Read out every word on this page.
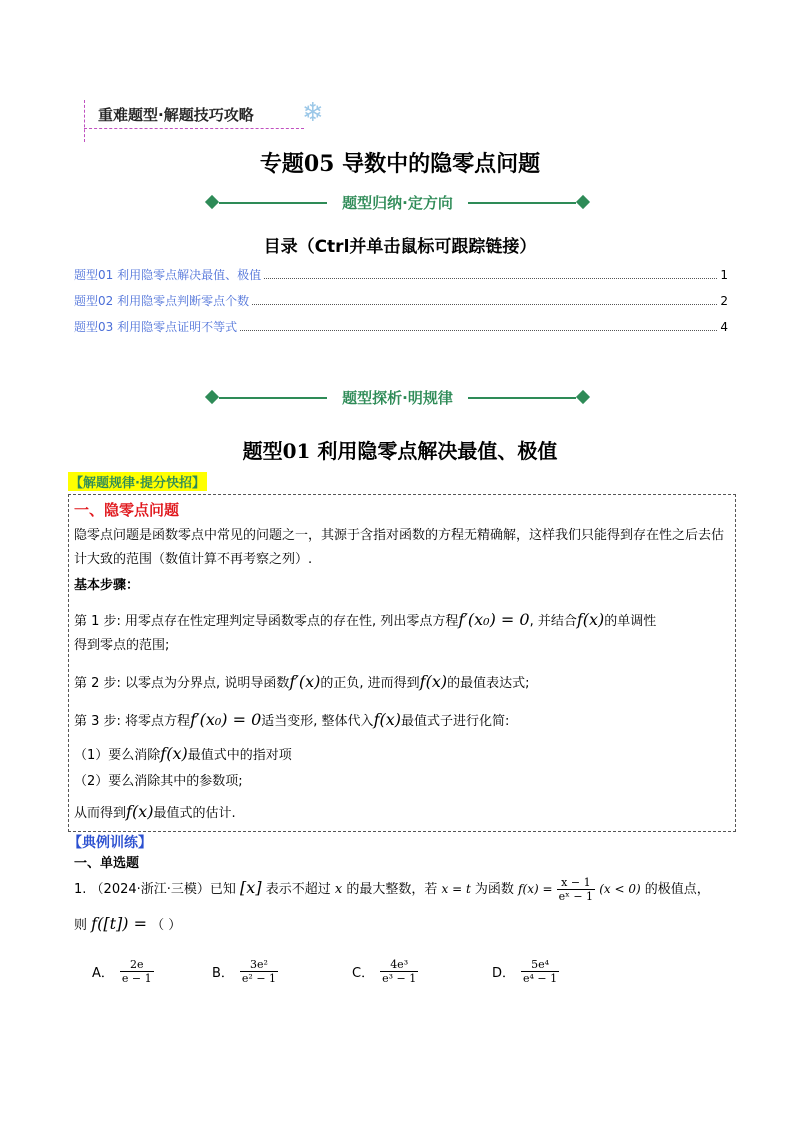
重难题型·解题技巧攻略 ❄
专题05 导数中的隐零点问题
题型归纳·定方向
目录（Ctrl并单击鼠标可跟踪链接）
题型01 利用隐零点解决最值、极值	1
题型02 利用隐零点判断零点个数	2
题型03 利用隐零点证明不等式	4
题型探析·明规律
题型01 利用隐零点解决最值、极值
【解题规律·提分快招】
一、隐零点问题
隐零点问题是函数零点中常见的问题之一，其源于含指对函数的方程无精确解，这样我们只能得到存在性之后去估计大致的范围（数值计算不再考察之列）.
基本步骤：
第 1 步: 用零点存在性定理判定导函数零点的存在性, 列出零点方程f′(x₀) = 0, 并结合f(x)的单调性
得到零点的范围;
第 2 步: 以零点为分界点, 说明导函数f′(x)的正负, 进而得到f(x)的最值表达式;
第 3 步: 将零点方程f′(x₀) = 0适当变形, 整体代入f(x)最值式子进行化简:
（1）要么消除f(x)最值式中的指对项
（2）要么消除其中的参数项;
从而得到f(x)最值式的估计.
【典例训练】
一、单选题
1. （2024·浙江·三模）已知 [x] 表示不超过 x 的最大整数，若 x = t 为函数 $f(x) = \frac{x - 1}{\text{eˣ − 1}} (x < 0)$ 的极值点，
则 f([t]) = （ ）
A． $\frac{2e}{e - 1}$	B． $\frac{\text{3e²}}{\text{e² − 1}}$	C． $\frac{\text{4e³}}{\text{e³ − 1}}$	D． $\frac{\text{5e⁴}}{\text{e⁴ − 1}}$
